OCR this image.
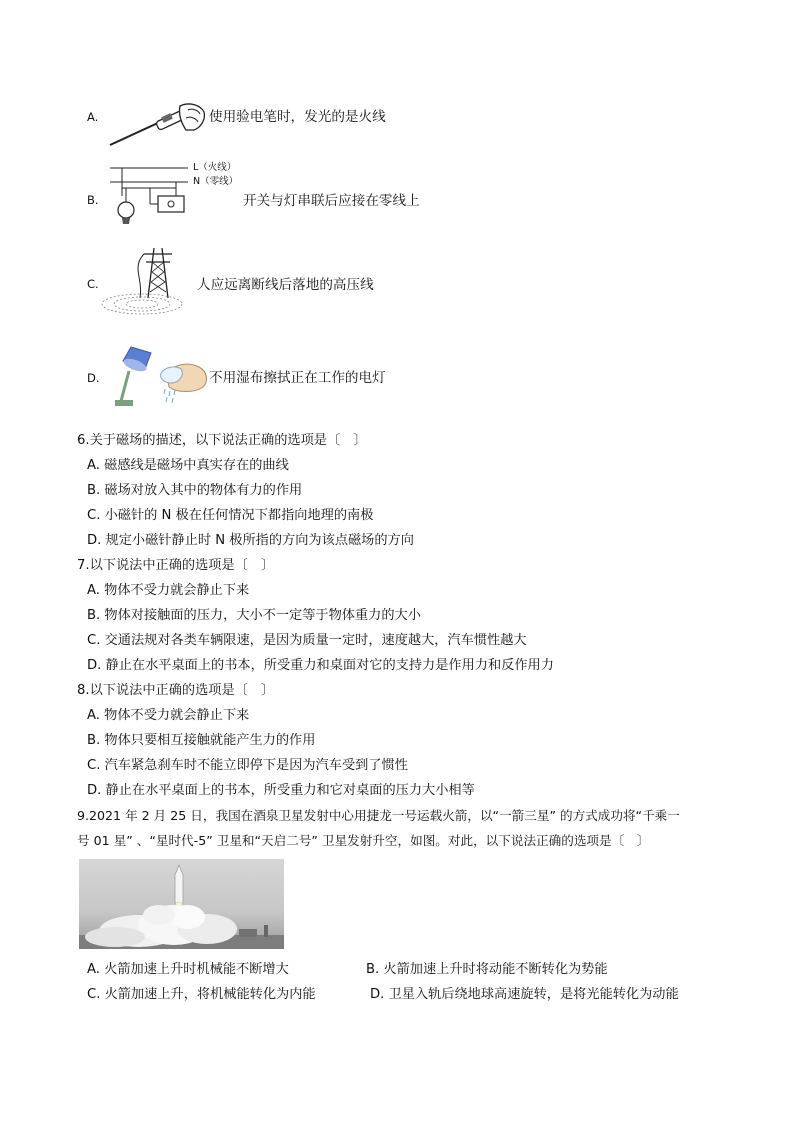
A.	使用验电笔时，发光的是火线
B.
L（火线）
N（零线）
开关与灯串联后应接在零线上
C.	人应远离断线后落地的高压线
D.	不用湿布擦拭正在工作的电灯
6.关于磁场的描述，以下说法正确的选项是〔　〕
A. 磁感线是磁场中真实存在的曲线
B. 磁场对放入其中的物体有力的作用
C. 小磁针的 N 极在任何情况下都指向地理的南极
D. 规定小磁针静止时 N 极所指的方向为该点磁场的方向
7.以下说法中正确的选项是〔　〕
A. 物体不受力就会静止下来
B. 物体对接触面的压力，大小不一定等于物体重力的大小
C. 交通法规对各类车辆限速，是因为质量一定时，速度越大，汽车惯性越大
D. 静止在水平桌面上的书本，所受重力和桌面对它的支持力是作用力和反作用力
8.以下说法中正确的选项是〔　〕
A. 物体不受力就会静止下来
B. 物体只要相互接触就能产生力的作用
C. 汽车紧急刹车时不能立即停下是因为汽车受到了惯性
D. 静止在水平桌面上的书本，所受重力和它对桌面的压力大小相等
9.2021 年 2 月 25 日，我国在酒泉卫星发射中心用捷龙一号运载火箭，以“一箭三星” 的方式成功将“千乘一
号 01 星” 、“星时代-5” 卫星和“天启二号” 卫星发射升空，如图。对此，以下说法正确的选项是〔　〕
A. 火箭加速上升时机械能不断增大	B. 火箭加速上升时将动能不断转化为势能
C. 火箭加速上升，将机械能转化为内能	D. 卫星入轨后绕地球高速旋转，是将光能转化为动能
